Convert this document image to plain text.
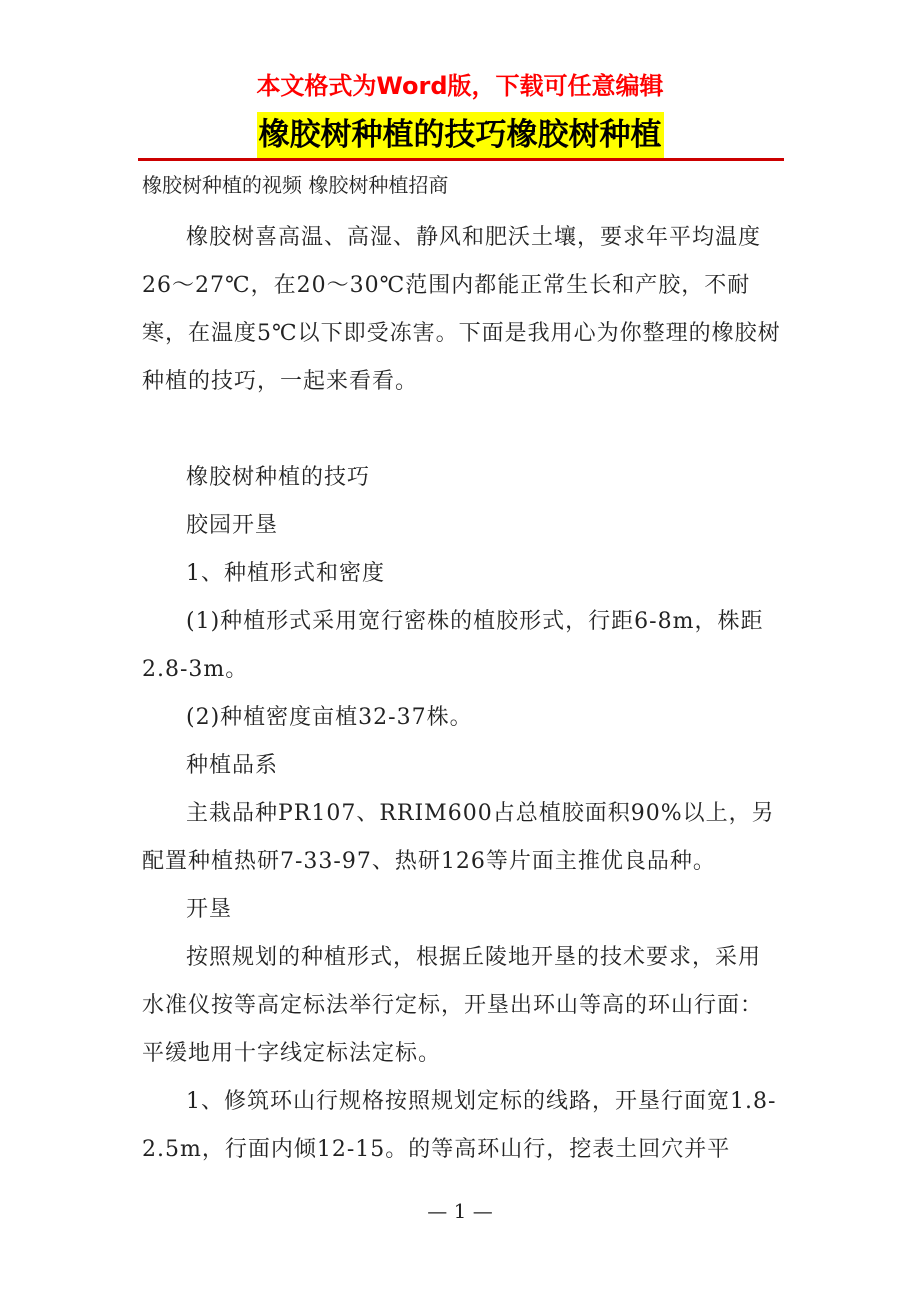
本文格式为Word版，下载可任意编辑
橡胶树种植的技巧橡胶树种植
橡胶树种植的视频 橡胶树种植招商

橡胶树喜高温、高湿、静风和肥沃土壤，要求年平均温度26～27℃，在20～30℃范围内都能正常生长和产胶，不耐寒，在温度5℃以下即受冻害。下面是我用心为你整理的橡胶树种植的技巧，一起来看看。

橡胶树种植的技巧

胶园开垦

1、种植形式和密度

(1)种植形式采用宽行密株的植胶形式，行距6-8m，株距2.8-3m。

(2)种植密度亩植32-37株。

种植品系

主栽品种PR107、RRIM600占总植胶面积90%以上，另配置种植热研7-33-97、热研126等片面主推优良品种。

开垦

按照规划的种植形式，根据丘陵地开垦的技术要求，采用水准仪按等高定标法举行定标，开垦出环山等高的环山行面：平缓地用十字线定标法定标。

1、修筑环山行规格按照规划定标的线路，开垦行面宽1.8-2.5m，行面内倾12-15。的等高环山行，挖表土回穴并平

— 1 —
